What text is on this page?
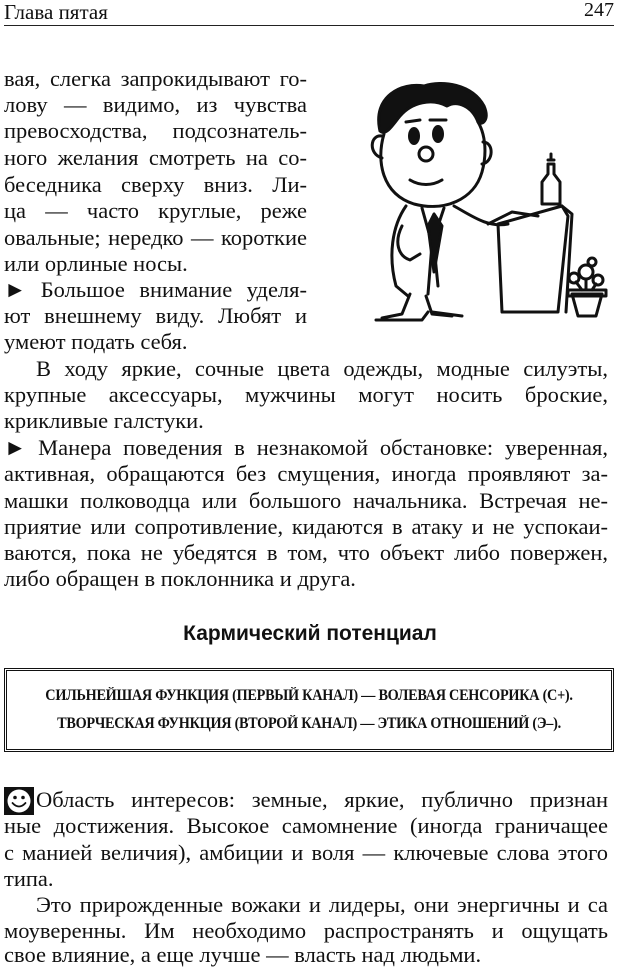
Глава пятая	247
вая, слегка запрокидывают го-
лову — видимо, из чувства
превосходства, подсознатель-
ного желания смотреть на со-
беседника сверху вниз. Ли-
ца — часто круглые, реже
овальные; нередко — короткие
или орлиные носы.
► Большое внимание уделя-
ют внешнему виду. Любят и
умеют подать себя.
В ходу яркие, сочные цвета одежды, модные силуэты,
крупные аксессуары, мужчины могут носить броские,
крикливые галстуки.
► Манера поведения в незнакомой обстановке: уверенная,
активная, обращаются без смущения, иногда проявляют за-
машки полководца или большого начальника. Встречая не-
приятие или сопротивление, кидаются в атаку и не успокаи-
ваются, пока не убедятся в том, что объект либо повержен,
либо обращен в поклонника и друга.
Кармический потенциал
СИЛЬНЕЙШАЯ ФУНКЦИЯ (ПЕРВЫЙ КАНАЛ) — ВОЛЕВАЯ СЕНСОРИКА (С+).
ТВОРЧЕСКАЯ ФУНКЦИЯ (ВТОРОЙ КАНАЛ) — ЭТИКА ОТНОШЕНИЙ (Э–).
Область интересов: земные, яркие, публично признан
ные достижения. Высокое самомнение (иногда граничащее
с манией величия), амбиции и воля — ключевые слова этого
типа.
Это прирожденные вожаки и лидеры, они энергичны и са
моуверенны. Им необходимо распространять и ощущать
свое влияние, а еще лучше — власть над людьми.
